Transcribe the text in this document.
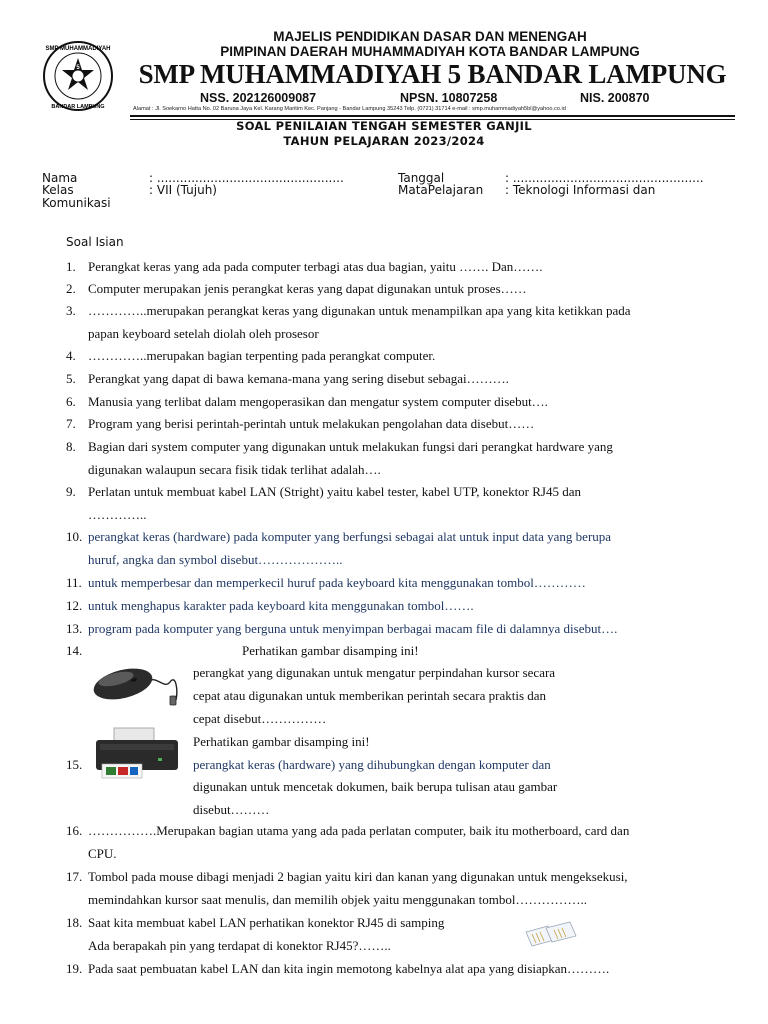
SMP MUHAMMADIYAH
5
BANDAR LAMPUNG
MAJELIS PENDIDIKAN DASAR DAN MENENGAH
PIMPINAN DAERAH MUHAMMADIYAH KOTA BANDAR LAMPUNG
SMP MUHAMMADIYAH 5 BANDAR LAMPUNG
NSS. 202126009087	NPSN. 10807258	NIS. 200870
Alamat : Jl. Soekarno Hatta No. 02 Baruna Jaya Kel. Karang Maritim Kec. Panjang - Bandar Lampung 35243 Telp. (0721) 31714 e-mail : smp.muhammadiyah5bl@yahoo.co.id
SOAL PENILAIAN TENGAH SEMESTER GANJIL
TAHUN PELAJARAN 2023/2024
Nama	: .................................................
Kelas	: VII (Tujuh)
Tanggal	: ..................................................
MataPelajaran : Teknologi Informasi dan
Komunikasi
Soal Isian
1. Perangkat keras yang ada pada computer terbagi atas dua bagian, yaitu ……. Dan…….
2. Computer merupakan jenis perangkat keras yang dapat digunakan untuk proses……
3. …………..merupakan perangkat keras yang digunakan untuk menampilkan apa yang kita ketikkan pada
papan keyboard setelah diolah oleh prosesor
4. …………..merupakan bagian terpenting pada perangkat computer.
5. Perangkat yang dapat di bawa kemana-mana yang sering disebut sebagai……….
6. Manusia yang terlibat dalam mengoperasikan dan mengatur system computer disebut….
7. Program yang berisi perintah-perintah untuk melakukan pengolahan data disebut……
8. Bagian dari system computer yang digunakan untuk melakukan fungsi dari perangkat hardware yang
digunakan walaupun secara fisik tidak terlihat adalah….
9. Perlatan untuk membuat kabel LAN (Stright) yaitu kabel tester, kabel UTP, konektor RJ45 dan
…………..
10. perangkat keras (hardware) pada komputer yang berfungsi sebagai alat untuk input data yang berupa
huruf, angka dan symbol disebut………………..
11. untuk memperbesar dan memperkecil huruf pada keyboard kita menggunakan tombol…………
12. untuk menghapus karakter pada keyboard kita menggunakan tombol…….
13. program pada komputer yang berguna untuk menyimpan berbagai macam file di dalamnya disebut….
14.	Perhatikan gambar disamping ini!
perangkat yang digunakan untuk mengatur perpindahan kursor secara
cepat atau digunakan untuk memberikan perintah secara praktis dan
cepat disebut……………
Perhatikan gambar disamping ini!
15.	perangkat keras (hardware) yang dihubungkan dengan komputer dan
digunakan untuk mencetak dokumen, baik berupa tulisan atau gambar
disebut………
16. …………….Merupakan bagian utama yang ada pada perlatan computer, baik itu motherboard, card dan
CPU.
17. Tombol pada mouse dibagi menjadi 2 bagian yaitu kiri dan kanan yang digunakan untuk mengeksekusi,
memindahkan kursor saat menulis, dan memilih objek yaitu menggunakan tombol……………..
18. Saat kita membuat kabel LAN perhatikan konektor RJ45 di samping
Ada berapakah pin yang terdapat di konektor RJ45?……..
19. Pada saat pembuatan kabel LAN dan kita ingin memotong kabelnya alat apa yang disiapkan……….
